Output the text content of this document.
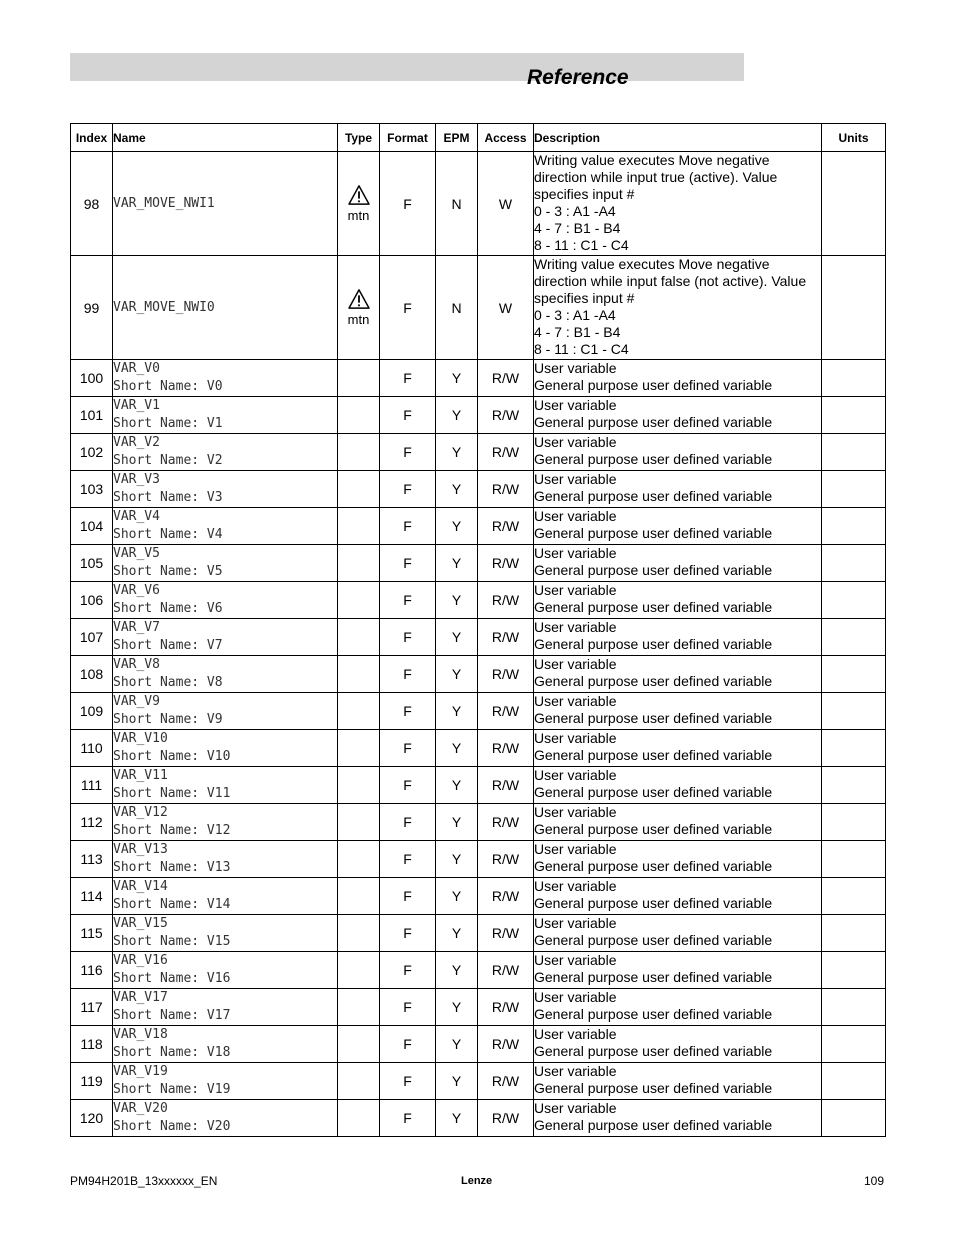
Reference
Index	Name	Type	Format	EPM	Access	Description	Units
98	VAR_MOVE_NWI1	mtn	F	N	W	Writing value executes Move negative direction while input true (active). Value specifies input #
0 - 3 : A1 -A4
4 - 7 : B1 - B4
8 - 11 : C1 - C4	

99	VAR_MOVE_NWI0	mtn	F	N	W	Writing value executes Move negative direction while input false (not active). Value specifies input #
0 - 3 : A1 -A4
4 - 7 : B1 - B4
8 - 11 : C1 - C4	

100	VAR_V0
Short Name: V0		F	Y	R/W	User variable
General purpose user defined variable	

101	VAR_V1
Short Name: V1		F	Y	R/W	User variable
General purpose user defined variable	

102	VAR_V2
Short Name: V2		F	Y	R/W	User variable
General purpose user defined variable	

103	VAR_V3
Short Name: V3		F	Y	R/W	User variable
General purpose user defined variable	

104	VAR_V4
Short Name: V4		F	Y	R/W	User variable
General purpose user defined variable	

105	VAR_V5
Short Name: V5		F	Y	R/W	User variable
General purpose user defined variable	

106	VAR_V6
Short Name: V6		F	Y	R/W	User variable
General purpose user defined variable	

107	VAR_V7
Short Name: V7		F	Y	R/W	User variable
General purpose user defined variable	

108	VAR_V8
Short Name: V8		F	Y	R/W	User variable
General purpose user defined variable	

109	VAR_V9
Short Name: V9		F	Y	R/W	User variable
General purpose user defined variable	

110	VAR_V10
Short Name: V10		F	Y	R/W	User variable
General purpose user defined variable	

111	VAR_V11
Short Name: V11		F	Y	R/W	User variable
General purpose user defined variable	

112	VAR_V12
Short Name: V12		F	Y	R/W	User variable
General purpose user defined variable	

113	VAR_V13
Short Name: V13		F	Y	R/W	User variable
General purpose user defined variable	

114	VAR_V14
Short Name: V14		F	Y	R/W	User variable
General purpose user defined variable	

115	VAR_V15
Short Name: V15		F	Y	R/W	User variable
General purpose user defined variable	

116	VAR_V16
Short Name: V16		F	Y	R/W	User variable
General purpose user defined variable	

117	VAR_V17
Short Name: V17		F	Y	R/W	User variable
General purpose user defined variable	

118	VAR_V18
Short Name: V18		F	Y	R/W	User variable
General purpose user defined variable	

119	VAR_V19
Short Name: V19		F	Y	R/W	User variable
General purpose user defined variable	

120	VAR_V20
Short Name: V20		F	Y	R/W	User variable
General purpose user defined variable	

PM94H201B_13xxxxxx_EN	Lenze	109
